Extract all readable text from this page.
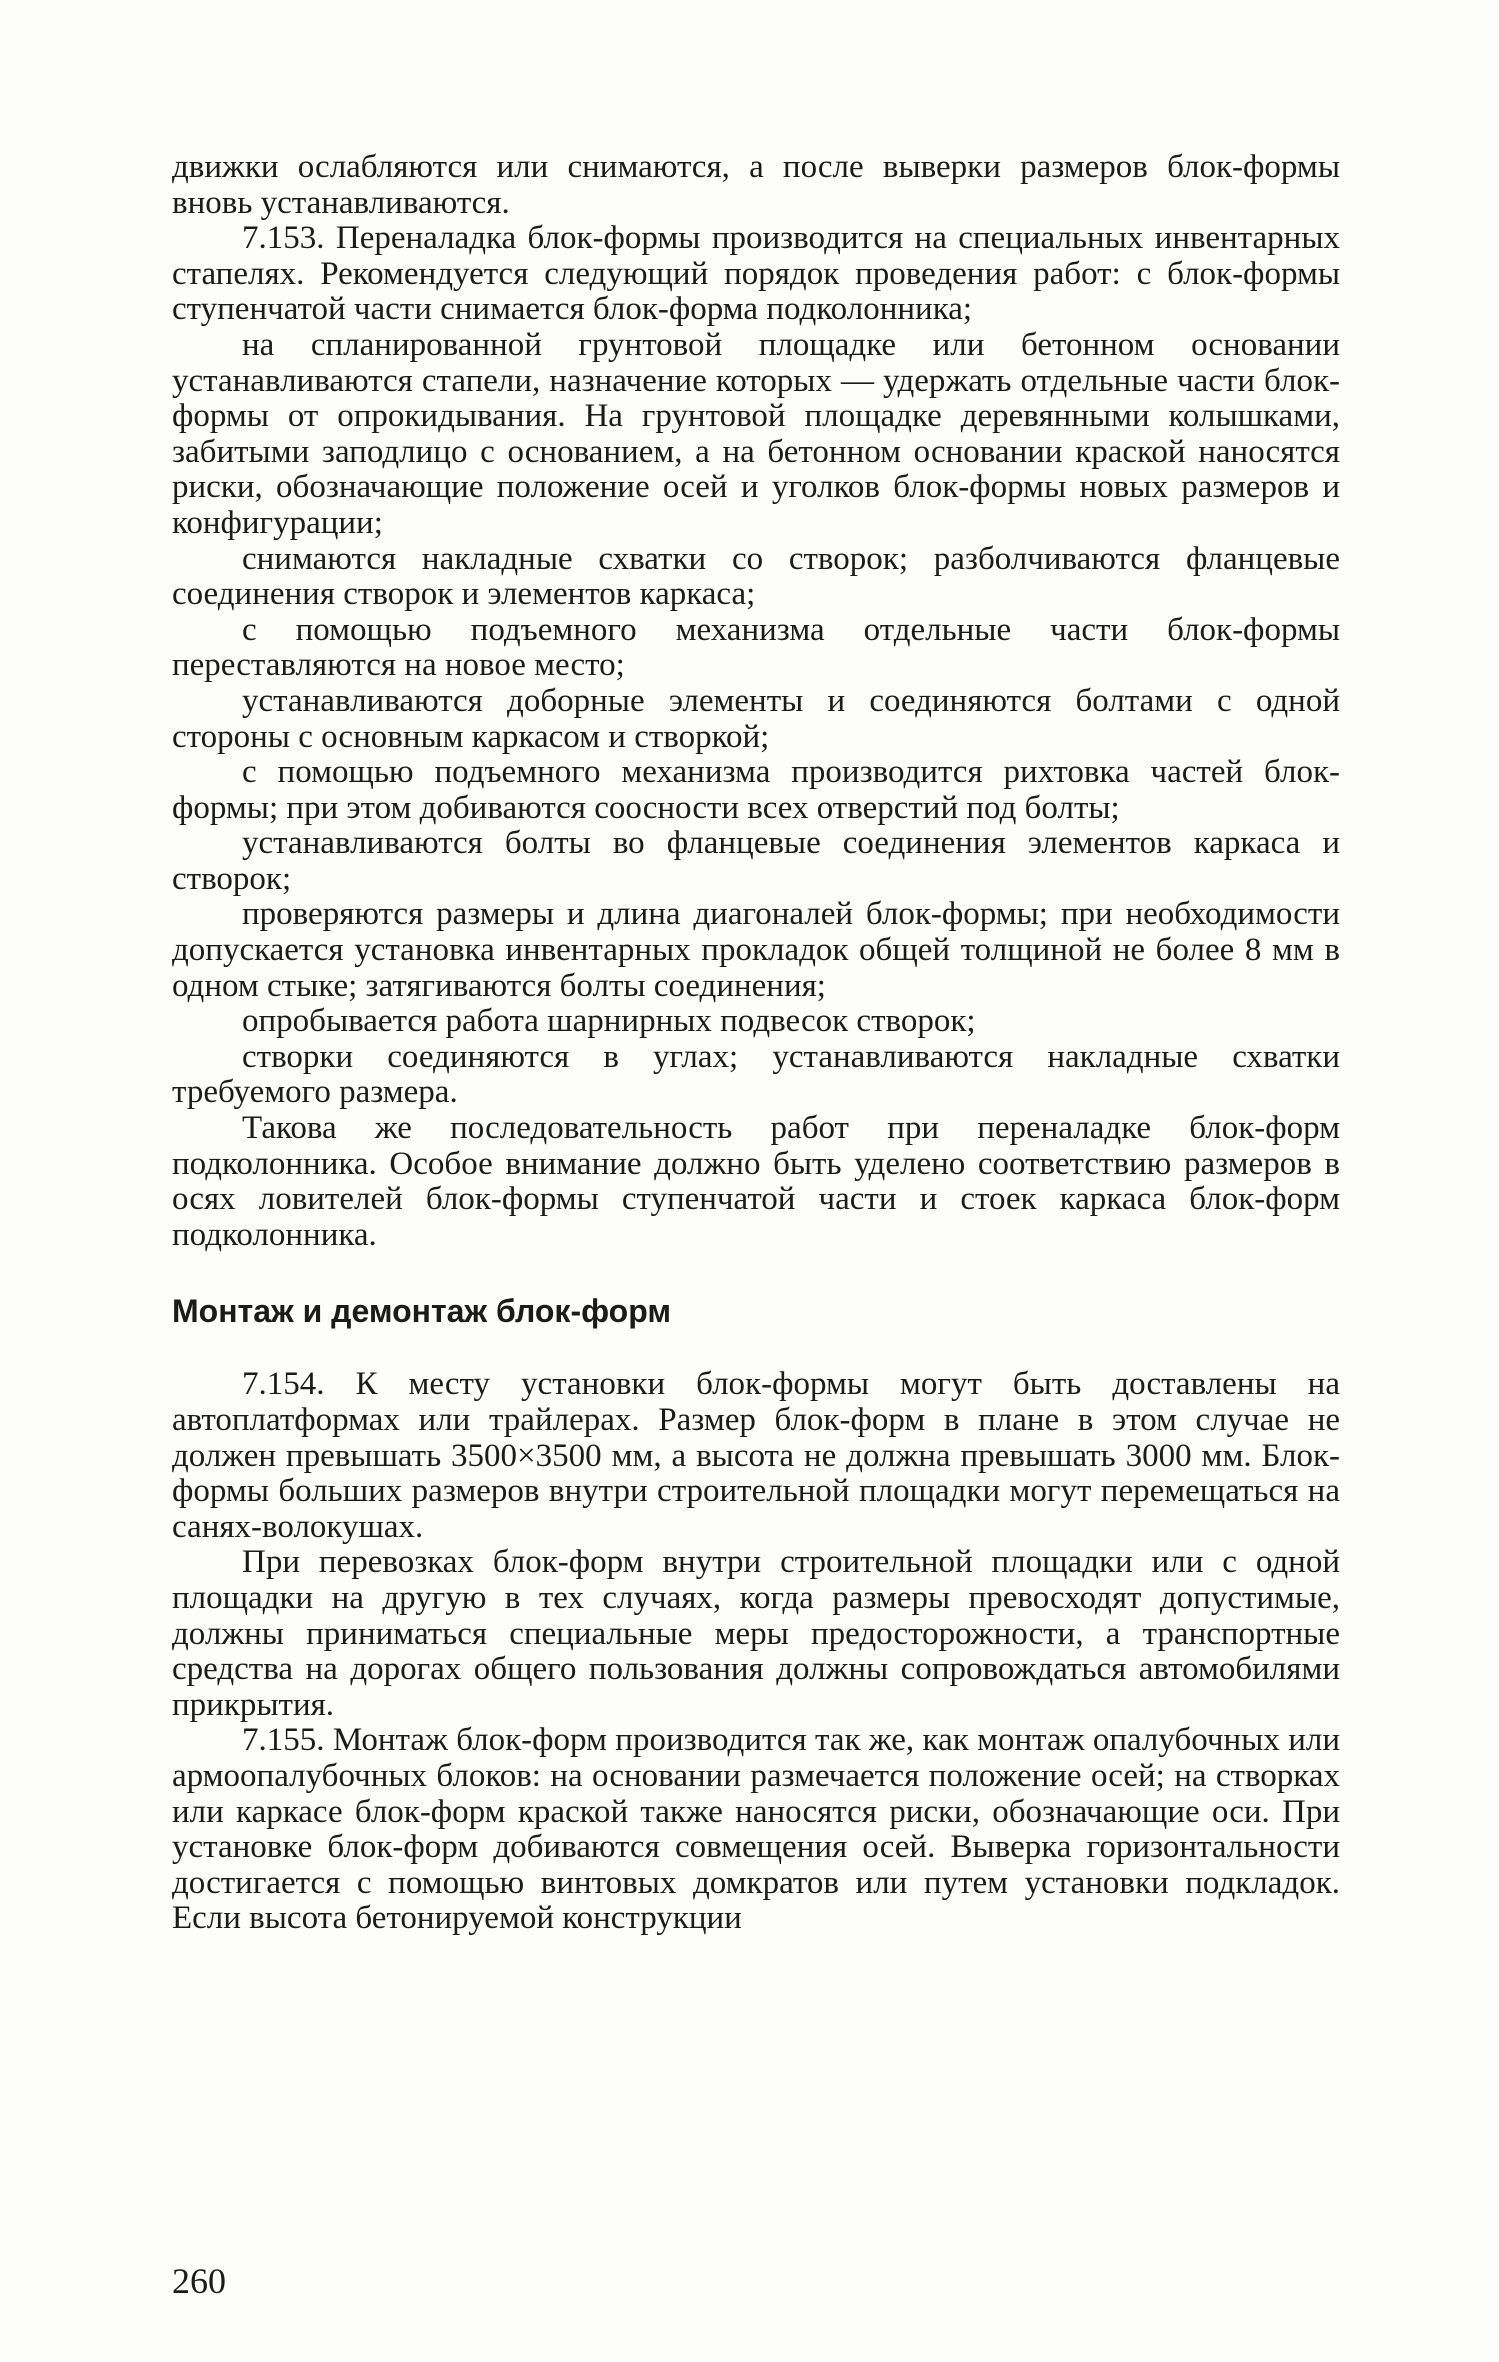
движки ослабляются или снимаются, а после выверки размеров блок-формы вновь устанавливаются.

7.153. Переналадка блок-формы производится на специальных инвентарных стапелях. Рекомендуется следующий порядок проведения работ: с блок-формы ступенчатой части снимается блок-форма подколонника;

на спланированной грунтовой площадке или бетонном основании устанавливаются стапели, назначение которых — удержать отдельные части блок-формы от опрокидывания. На грунтовой площадке деревянными колышками, забитыми заподлицо с основанием, а на бетонном основании краской наносятся риски, обозначающие положение осей и уголков блок-формы новых размеров и конфигурации;

снимаются накладные схватки со створок; разболчиваются фланцевые соединения створок и элементов каркаса;

с помощью подъемного механизма отдельные части блок-формы переставляются на новое место;

устанавливаются доборные элементы и соединяются болтами с одной стороны с основным каркасом и створкой;

с помощью подъемного механизма производится рихтовка частей блок-формы; при этом добиваются соосности всех отверстий под болты;

устанавливаются болты во фланцевые соединения элементов каркаса и створок;

проверяются размеры и длина диагоналей блок-формы; при необходимости допускается установка инвентарных прокладок общей толщиной не более 8 мм в одном стыке; затягиваются болты соединения;

опробывается работа шарнирных подвесок створок;

створки соединяются в углах; устанавливаются накладные схватки требуемого размера.

Такова же последовательность работ при переналадке блок-форм подколонника. Особое внимание должно быть уделено соответствию размеров в осях ловителей блок-формы ступенчатой части и стоек каркаса блок-форм подколонника.

Монтаж и демонтаж блок-форм

7.154. К месту установки блок-формы могут быть доставлены на автоплатформах или трайлерах. Размер блок-форм в плане в этом случае не должен превышать 3500×3500 мм, а высота не должна превышать 3000 мм. Блок-формы больших размеров внутри строительной площадки могут перемещаться на санях-волокушах.

При перевозках блок-форм внутри строительной площадки или с одной площадки на другую в тех случаях, когда размеры превосходят допустимые, должны приниматься специальные меры предосторожности, а транспортные средства на дорогах общего пользования должны сопровождаться автомобилями прикрытия.

7.155. Монтаж блок-форм производится так же, как монтаж опалубочных или армоопалубочных блоков: на основании размечается положение осей; на створках или каркасе блок-форм краской также наносятся риски, обозначающие оси. При установке блок-форм добиваются совмещения осей. Выверка горизонтальности достигается с помощью винтовых домкратов или путем установки подкладок. Если высота бетонируемой конструкции

260
